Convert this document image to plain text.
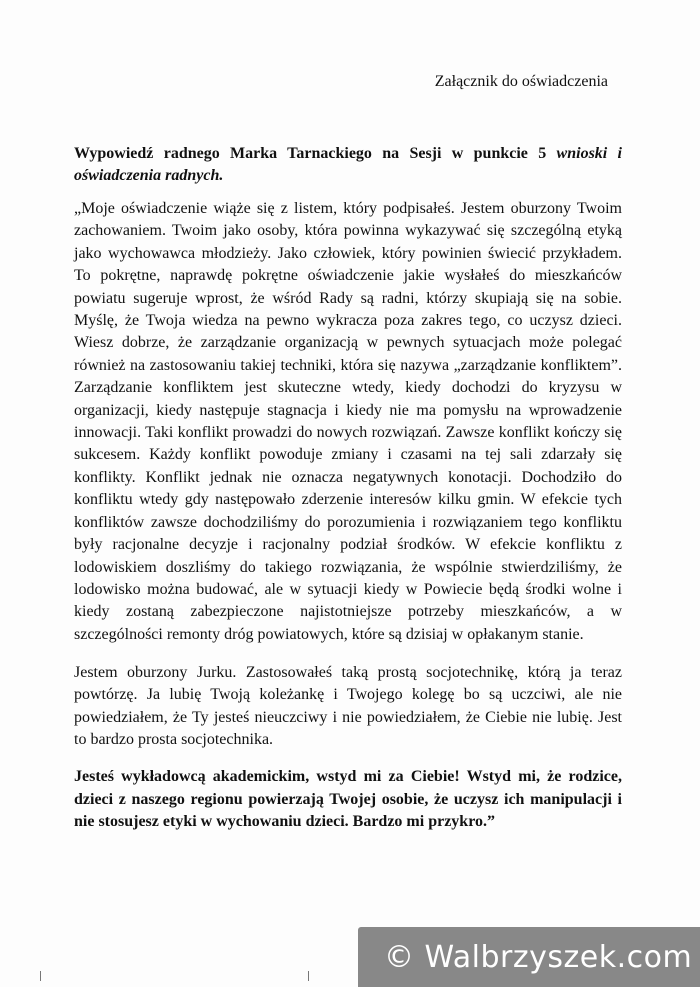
Załącznik do oświadczenia
Wypowiedź radnego Marka Tarnackiego na Sesji w punkcie 5 wnioski i oświadczenia radnych.
„Moje oświadczenie wiąże się z listem, który podpisałeś. Jestem oburzony Twoim zachowaniem. Twoim jako osoby, która powinna wykazywać się szczególną etyką jako wychowawca młodzieży. Jako człowiek, który powinien świecić przykładem. To pokrętne, naprawdę pokrętne oświadczenie jakie wysłałeś do mieszkańców powiatu sugeruje wprost, że wśród Rady są radni, którzy skupiają się na sobie. Myślę, że Twoja wiedza na pewno wykracza poza zakres tego, co uczysz dzieci. Wiesz dobrze, że zarządzanie organizacją w pewnych sytuacjach może polegać również na zastosowaniu takiej techniki, która się nazywa „zarządzanie konfliktem”. Zarządzanie konfliktem jest skuteczne wtedy, kiedy dochodzi do kryzysu w organizacji, kiedy następuje stagnacja i kiedy nie ma pomysłu na wprowadzenie innowacji. Taki konflikt prowadzi do nowych rozwiązań. Zawsze konflikt kończy się sukcesem. Każdy konflikt powoduje zmiany i czasami na tej sali zdarzały się konflikty. Konflikt jednak nie oznacza negatywnych konotacji. Dochodziło do konfliktu wtedy gdy następowało zderzenie interesów kilku gmin. W efekcie tych konfliktów zawsze dochodziliśmy do porozumienia i rozwiązaniem tego konfliktu były racjonalne decyzje i racjonalny podział środków. W efekcie konfliktu z lodowiskiem doszliśmy do takiego rozwiązania, że wspólnie stwierdziliśmy, że lodowisko można budować, ale w sytuacji kiedy w Powiecie będą środki wolne i kiedy zostaną zabezpieczone najistotniejsze potrzeby mieszkańców, a w szczególności remonty dróg powiatowych, które są dzisiaj w opłakanym stanie.
Jestem oburzony Jurku. Zastosowałeś taką prostą socjotechnikę, którą ja teraz powtórzę. Ja lubię Twoją koleżankę i Twojego kolegę bo są uczciwi, ale nie powiedziałem, że Ty jesteś nieuczciwy i nie powiedziałem, że Ciebie nie lubię. Jest to bardzo prosta socjotechnika.
Jesteś wykładowcą akademickim, wstyd mi za Ciebie! Wstyd mi, że rodzice, dzieci z naszego regionu powierzają Twojej osobie, że uczysz ich manipulacji i nie stosujesz etyki w wychowaniu dzieci. Bardzo mi przykro.”
© Walbrzyszek.com
